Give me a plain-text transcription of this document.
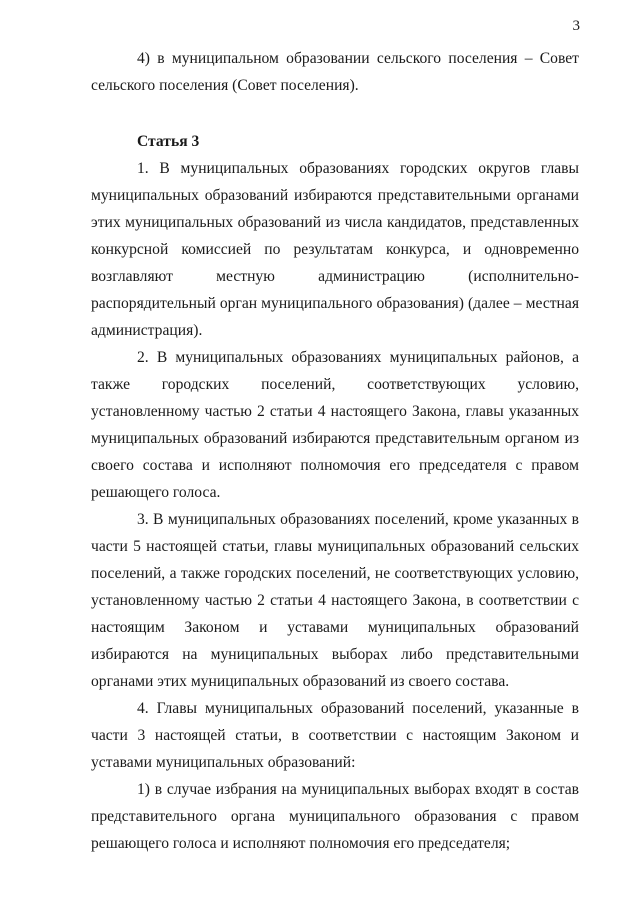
3

4) в муниципальном образовании сельского поселения – Совет сельского поселения (Совет поселения).

Статья 3

1. В муниципальных образованиях городских округов главы муниципальных образований избираются представительными органами этих муниципальных образований из числа кандидатов, представленных конкурсной комиссией по результатам конкурса, и одновременно возглавляют местную администрацию (исполнительно-распорядительный орган муниципального образования) (далее – местная администрация).

2. В муниципальных образованиях муниципальных районов, а также городских поселений, соответствующих условию, установленному частью 2 статьи 4 настоящего Закона, главы указанных муниципальных образований избираются представительным органом из своего состава и исполняют полномочия его председателя с правом решающего голоса.

3. В муниципальных образованиях поселений, кроме указанных в части 5 настоящей статьи, главы муниципальных образований сельских поселений, а также городских поселений, не соответствующих условию, установленному частью 2 статьи 4 настоящего Закона, в соответствии с настоящим Законом и уставами муниципальных образований избираются на муниципальных выборах либо представительными органами этих муниципальных образований из своего состава.

4. Главы муниципальных образований поселений, указанные в части 3 настоящей статьи, в соответствии с настоящим Законом и уставами муниципальных образований:

1) в случае избрания на муниципальных выборах входят в состав представительного органа муниципального образования с правом решающего голоса и исполняют полномочия его председателя;
